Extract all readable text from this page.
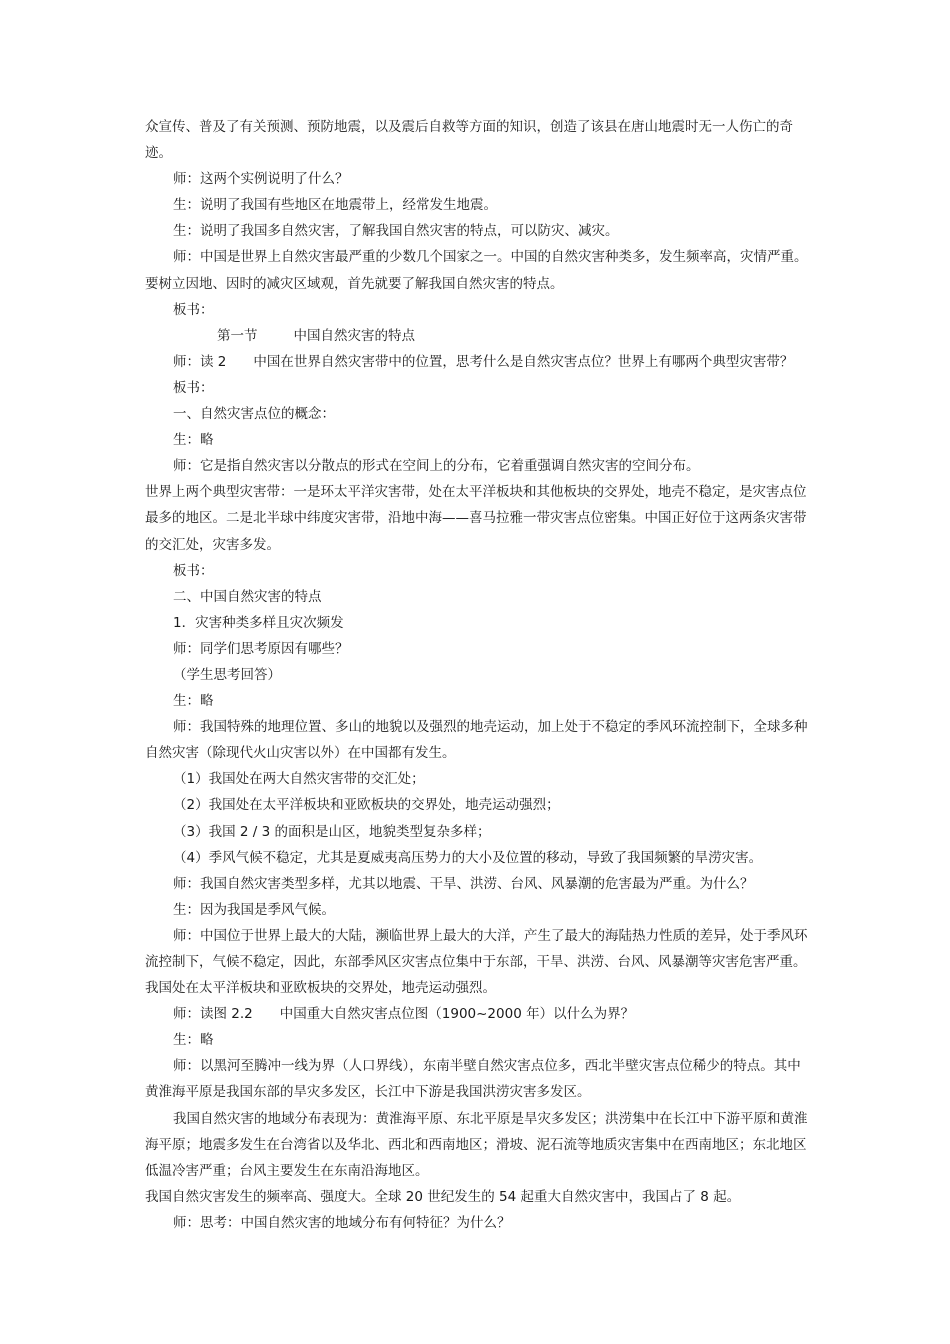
众宣传、普及了有关预测、预防地震，以及震后自救等方面的知识，创造了该县在唐山地震时无一人伤亡的奇迹。

师：这两个实例说明了什么？

生：说明了我国有些地区在地震带上，经常发生地震。

生：说明了我国多自然灾害，了解我国自然灾害的特点，可以防灾、减灾。

师：中国是世界上自然灾害最严重的少数几个国家之一。中国的自然灾害种类多，发生频率高，灾情严重。要树立因地、因时的减灾区域观，首先就要了解我国自然灾害的特点。

板书：

第一节	中国自然灾害的特点

师：读 2　　中国在世界自然灾害带中的位置，思考什么是自然灾害点位？世界上有哪两个典型灾害带？

板书：

一、自然灾害点位的概念：

生：略

师：它是指自然灾害以分散点的形式在空间上的分布，它着重强调自然灾害的空间分布。

世界上两个典型灾害带：一是环太平洋灾害带，处在太平洋板块和其他板块的交界处，地壳不稳定，是灾害点位最多的地区。二是北半球中纬度灾害带，沿地中海——喜马拉雅一带灾害点位密集。中国正好位于这两条灾害带的交汇处，灾害多发。

板书：

二、中国自然灾害的特点

1．灾害种类多样且灾次频发

师：同学们思考原因有哪些？

（学生思考回答）

生：略

师：我国特殊的地理位置、多山的地貌以及强烈的地壳运动，加上处于不稳定的季风环流控制下，全球多种自然灾害（除现代火山灾害以外）在中国都有发生。

（1）我国处在两大自然灾害带的交汇处；

（2）我国处在太平洋板块和亚欧板块的交界处，地壳运动强烈；

（3）我国 2 / 3 的面积是山区，地貌类型复杂多样；

（4）季风气候不稳定，尤其是夏威夷高压势力的大小及位置的移动，导致了我国频繁的旱涝灾害。

师：我国自然灾害类型多样，尤其以地震、干旱、洪涝、台风、风暴潮的危害最为严重。为什么？

生：因为我国是季风气候。

师：中国位于世界上最大的大陆，濒临世界上最大的大洋，产生了最大的海陆热力性质的差异，处于季风环流控制下，气候不稳定，因此，东部季风区灾害点位集中于东部，干旱、洪涝、台风、风暴潮等灾害危害严重。我国处在太平洋板块和亚欧板块的交界处，地壳运动强烈。

师：读图 2.2　　中国重大自然灾害点位图（1900~2000 年）以什么为界？

生：略

师：以黑河至腾冲一线为界（人口界线），东南半壁自然灾害点位多，西北半壁灾害点位稀少的特点。其中黄淮海平原是我国东部的旱灾多发区，长江中下游是我国洪涝灾害多发区。

我国自然灾害的地域分布表现为：黄淮海平原、东北平原是旱灾多发区；洪涝集中在长江中下游平原和黄淮海平原；地震多发生在台湾省以及华北、西北和西南地区；滑坡、泥石流等地质灾害集中在西南地区；东北地区低温冷害严重；台风主要发生在东南沿海地区。

我国自然灾害发生的频率高、强度大。全球 20 世纪发生的 54 起重大自然灾害中，我国占了 8 起。

师：思考：中国自然灾害的地域分布有何特征？为什么？
